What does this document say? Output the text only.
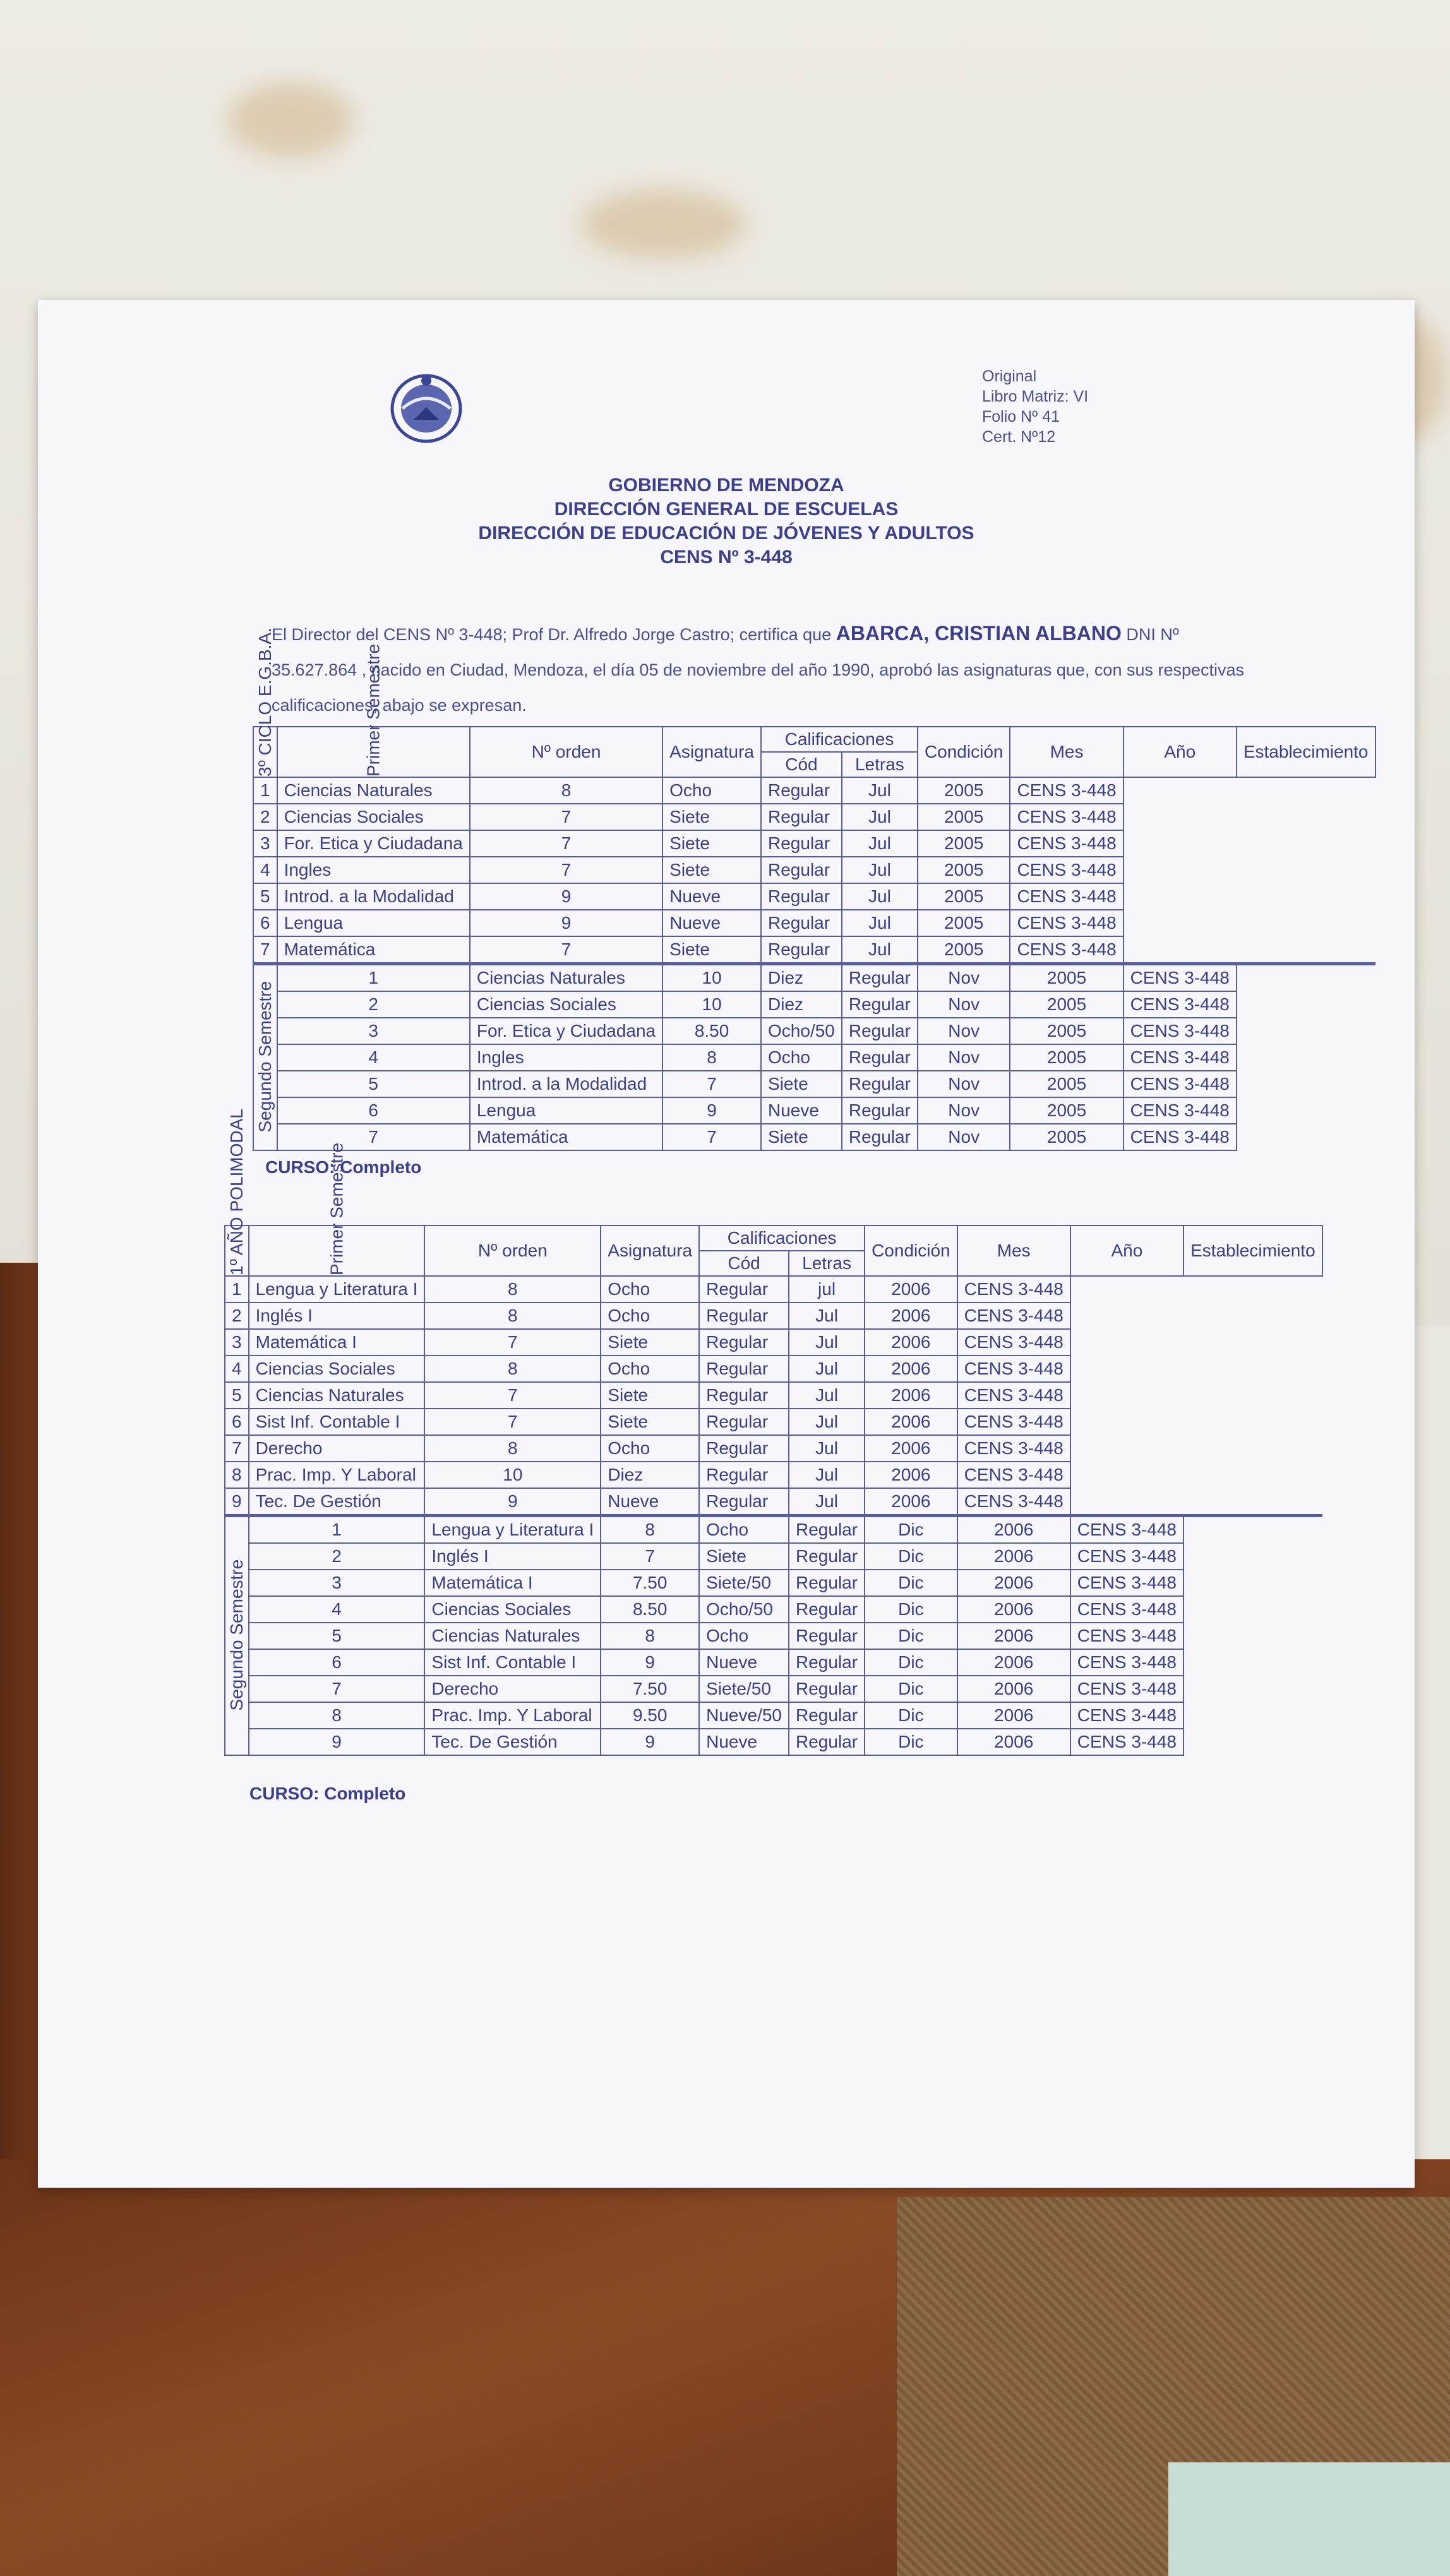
Original
Libro Matriz: VI
Folio Nº 41
Cert. Nº12
GOBIERNO DE MENDOZA
DIRECCIÓN GENERAL DE ESCUELAS
DIRECCIÓN DE EDUCACIÓN DE JÓVENES Y ADULTOS
CENS Nº 3-448
El Director del CENS Nº 3-448; Prof Dr. Alfredo Jorge Castro; certifica que ABARCA, CRISTIAN ALBANO DNI Nº 35.627.864 , nacido en Ciudad, Mendoza, el día 05 de noviembre del año 1990, aprobó las asignaturas que, con sus respectivas calificaciones, abajo se expresan.
3º CICLO E.G.B.A.	Primer Semestre	Nº orden	Asignatura	Calificaciones		Condición	Mes	Año	Establecimiento
				Cód	Letras				
1	Ciencias Naturales	8	Ocho	Regular	Jul	2005	CENS 3-448		
2	Ciencias Sociales	7	Siete	Regular	Jul	2005	CENS 3-448		
3	For. Etica y Ciudadana	7	Siete	Regular	Jul	2005	CENS 3-448		
4	Ingles	7	Siete	Regular	Jul	2005	CENS 3-448		
5	Introd. a la Modalidad	9	Nueve	Regular	Jul	2005	CENS 3-448		
6	Lengua	9	Nueve	Regular	Jul	2005	CENS 3-448		
7	Matemática	7	Siete	Regular	Jul	2005	CENS 3-448		
Segundo Semestre	1	Ciencias Naturales	10	Diez	Regular	Nov	2005	CENS 3-448	
	2	Ciencias Sociales	10	Diez	Regular	Nov	2005	CENS 3-448	
	3	For. Etica y Ciudadana	8.50	Ocho/50	Regular	Nov	2005	CENS 3-448	
	4	Ingles	8	Ocho	Regular	Nov	2005	CENS 3-448	
	5	Introd. a la Modalidad	7	Siete	Regular	Nov	2005	CENS 3-448	
	6	Lengua	9	Nueve	Regular	Nov	2005	CENS 3-448	
	7	Matemática	7	Siete	Regular	Nov	2005	CENS 3-448	
CURSO: Completo
1º AÑO POLIMODAL	Primer Semestre	Nº orden	Asignatura	Calificaciones		Condición	Mes	Año	Establecimiento
				Cód	Letras				
1	Lengua y Literatura I	8	Ocho	Regular	jul	2006	CENS 3-448		
2	Inglés I	8	Ocho	Regular	Jul	2006	CENS 3-448		
3	Matemática I	7	Siete	Regular	Jul	2006	CENS 3-448		
4	Ciencias Sociales	8	Ocho	Regular	Jul	2006	CENS 3-448		
5	Ciencias Naturales	7	Siete	Regular	Jul	2006	CENS 3-448		
6	Sist Inf. Contable I	7	Siete	Regular	Jul	2006	CENS 3-448		
7	Derecho	8	Ocho	Regular	Jul	2006	CENS 3-448		
8	Prac. Imp. Y Laboral	10	Diez	Regular	Jul	2006	CENS 3-448		
9	Tec. De Gestión	9	Nueve	Regular	Jul	2006	CENS 3-448		
Segundo Semestre	1	Lengua y Literatura I	8	Ocho	Regular	Dic	2006	CENS 3-448	
	2	Inglés I	7	Siete	Regular	Dic	2006	CENS 3-448	
	3	Matemática I	7.50	Siete/50	Regular	Dic	2006	CENS 3-448	
	4	Ciencias Sociales	8.50	Ocho/50	Regular	Dic	2006	CENS 3-448	
	5	Ciencias Naturales	8	Ocho	Regular	Dic	2006	CENS 3-448	
	6	Sist Inf. Contable I	9	Nueve	Regular	Dic	2006	CENS 3-448	
	7	Derecho	7.50	Siete/50	Regular	Dic	2006	CENS 3-448	
	8	Prac. Imp. Y Laboral	9.50	Nueve/50	Regular	Dic	2006	CENS 3-448	
	9	Tec. De Gestión	9	Nueve	Regular	Dic	2006	CENS 3-448	
CURSO: Completo
